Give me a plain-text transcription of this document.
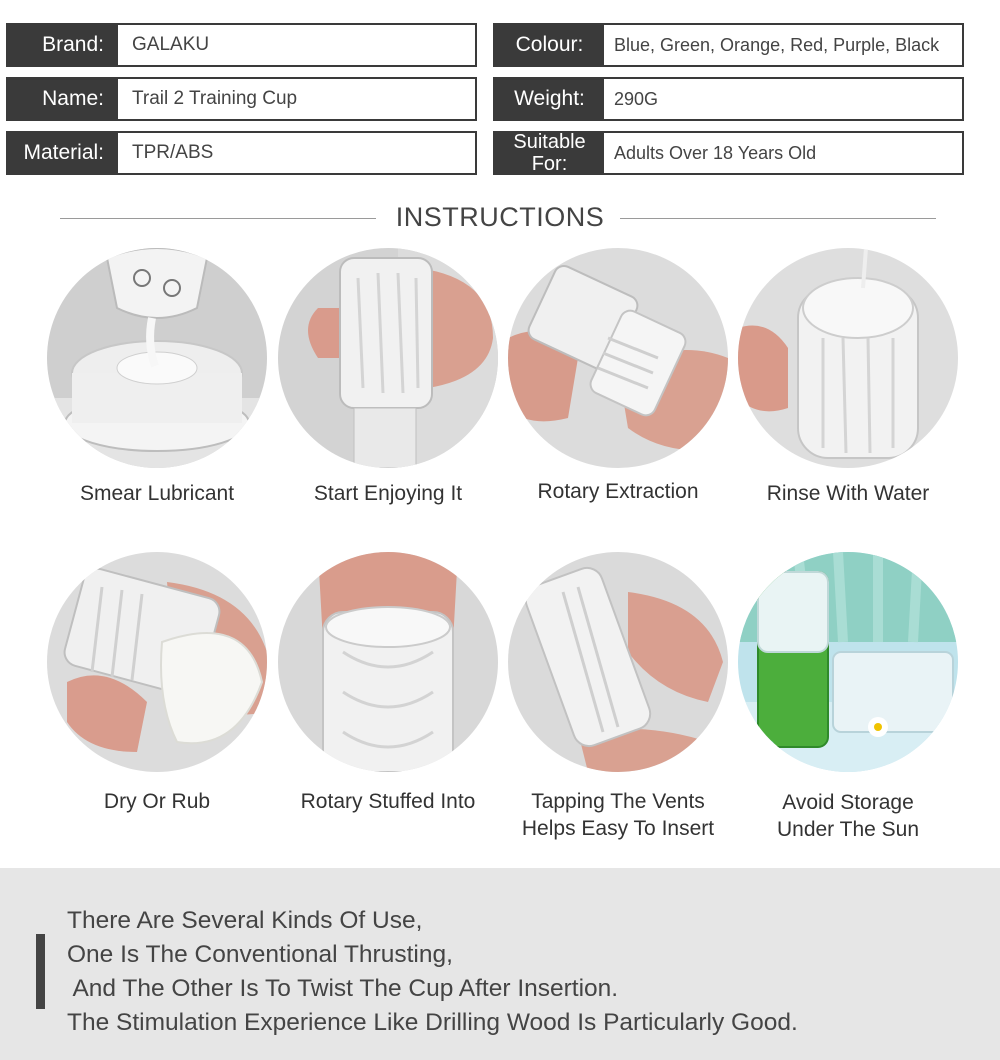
Brand:	GALAKU
Name:	Trail 2 Training Cup
Material:	TPR/ABS
Colour:	Blue, Green, Orange, Red, Purple, Black
Weight:	290G
Suitable
For:
Adults Over 18 Years Old
INSTRUCTIONS
Smear Lubricant	Start Enjoying It	Rotary Extraction	Rinse With Water
Dry Or Rub	Rotary Stuffed Into	Tapping The Vents
Helps Easy To Insert
Avoid Storage
Under The Sun
There Are Several Kinds Of Use,
One Is The Conventional Thrusting,
And The Other Is To Twist The Cup After Insertion.
The Stimulation Experience Like Drilling Wood Is Particularly Good.
